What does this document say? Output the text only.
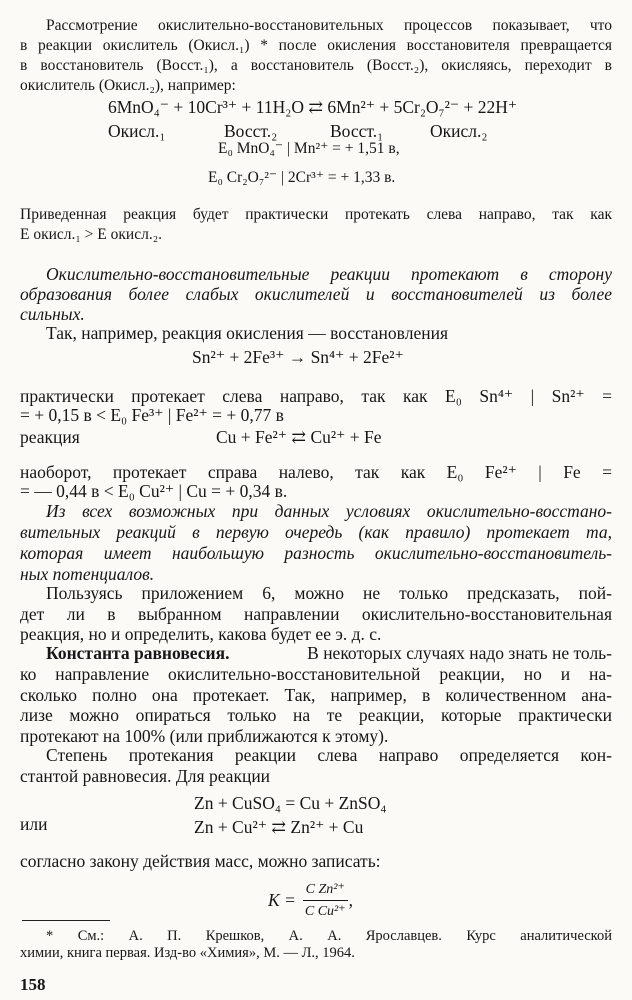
Рассмотрение окислительно-восстановительных процессов показывает, что

в реакции окислитель (Окисл.₁) * после окисления восстановителя превращается

в восстановитель (Восст.₁), а восстановитель (Восст.₂), окисляясь, переходит в

окислитель (Окисл.₂), например:

6MnO₄⁻ + 10Cr³⁺ + 11H₂O ⇄ 6Mn²⁺ + 5Cr₂O₇²⁻ + 22H⁺

Окисл.₁	Восст.₂	Восст.₁	Окисл.₂

E₀ MnO₄⁻ | Mn²⁺ = + 1,51 в,

E₀ Cr₂O₇²⁻ | 2Cr³⁺ = + 1,33 в.

Приведенная реакция будет практически протекать слева направо, так как

E окисл.₁ > E окисл.₂.

Окислительно-восстановительные реакции протекают в сторону

образования более слабых окислителей и восстановителей из более

сильных.

Так, например, реакция окисления — восстановления

Sn²⁺ + 2Fe³⁺ → Sn⁴⁺ + 2Fe²⁺

практически протекает слева направо, так как E₀ Sn⁴⁺ | Sn²⁺ =

= + 0,15 в < E₀ Fe³⁺ | Fe²⁺ = + 0,77 в

реакция	Cu + Fe²⁺ ⇄ Cu²⁺ + Fe

наоборот, протекает справа налево, так как E₀ Fe²⁺ | Fe =

= — 0,44 в < E₀ Cu²⁺ | Cu = + 0,34 в.

Из всех возможных при данных условиях окислительно-восстано-

вительных реакций в первую очередь (как правило) протекает та,

которая имеет наибольшую разность окислительно-восстановитель-

ных потенциалов.

Пользуясь приложением 6, можно не только предсказать, пой-

дет ли в выбранном направлении окислительно-восстановительная

реакция, но и определить, какова будет ее э. д. с.

Константа равновесия.	В некоторых случаях надо знать не толь-

ко направление окислительно-восстановительной реакции, но и на-

сколько полно она протекает. Так, например, в количественном ана-

лизе можно опираться только на те реакции, которые практически

протекают на 100% (или приближаются к этому).

Степень протекания реакции слева направо определяется кон-

стантой равновесия. Для реакции

Zn + CuSO₄ = Cu + ZnSO₄

или	Zn + Cu²⁺ ⇄ Zn²⁺ + Cu

согласно закону действия масс, можно записать:

$K = \frac{\text{C Zn²⁺}}{\text{C Cu²⁺}}$ ,

* См.: А. П. Крешков, А. А. Ярославцев. Курс аналитической

химии, книга первая. Изд-во «Химия», М. — Л., 1964.

158
